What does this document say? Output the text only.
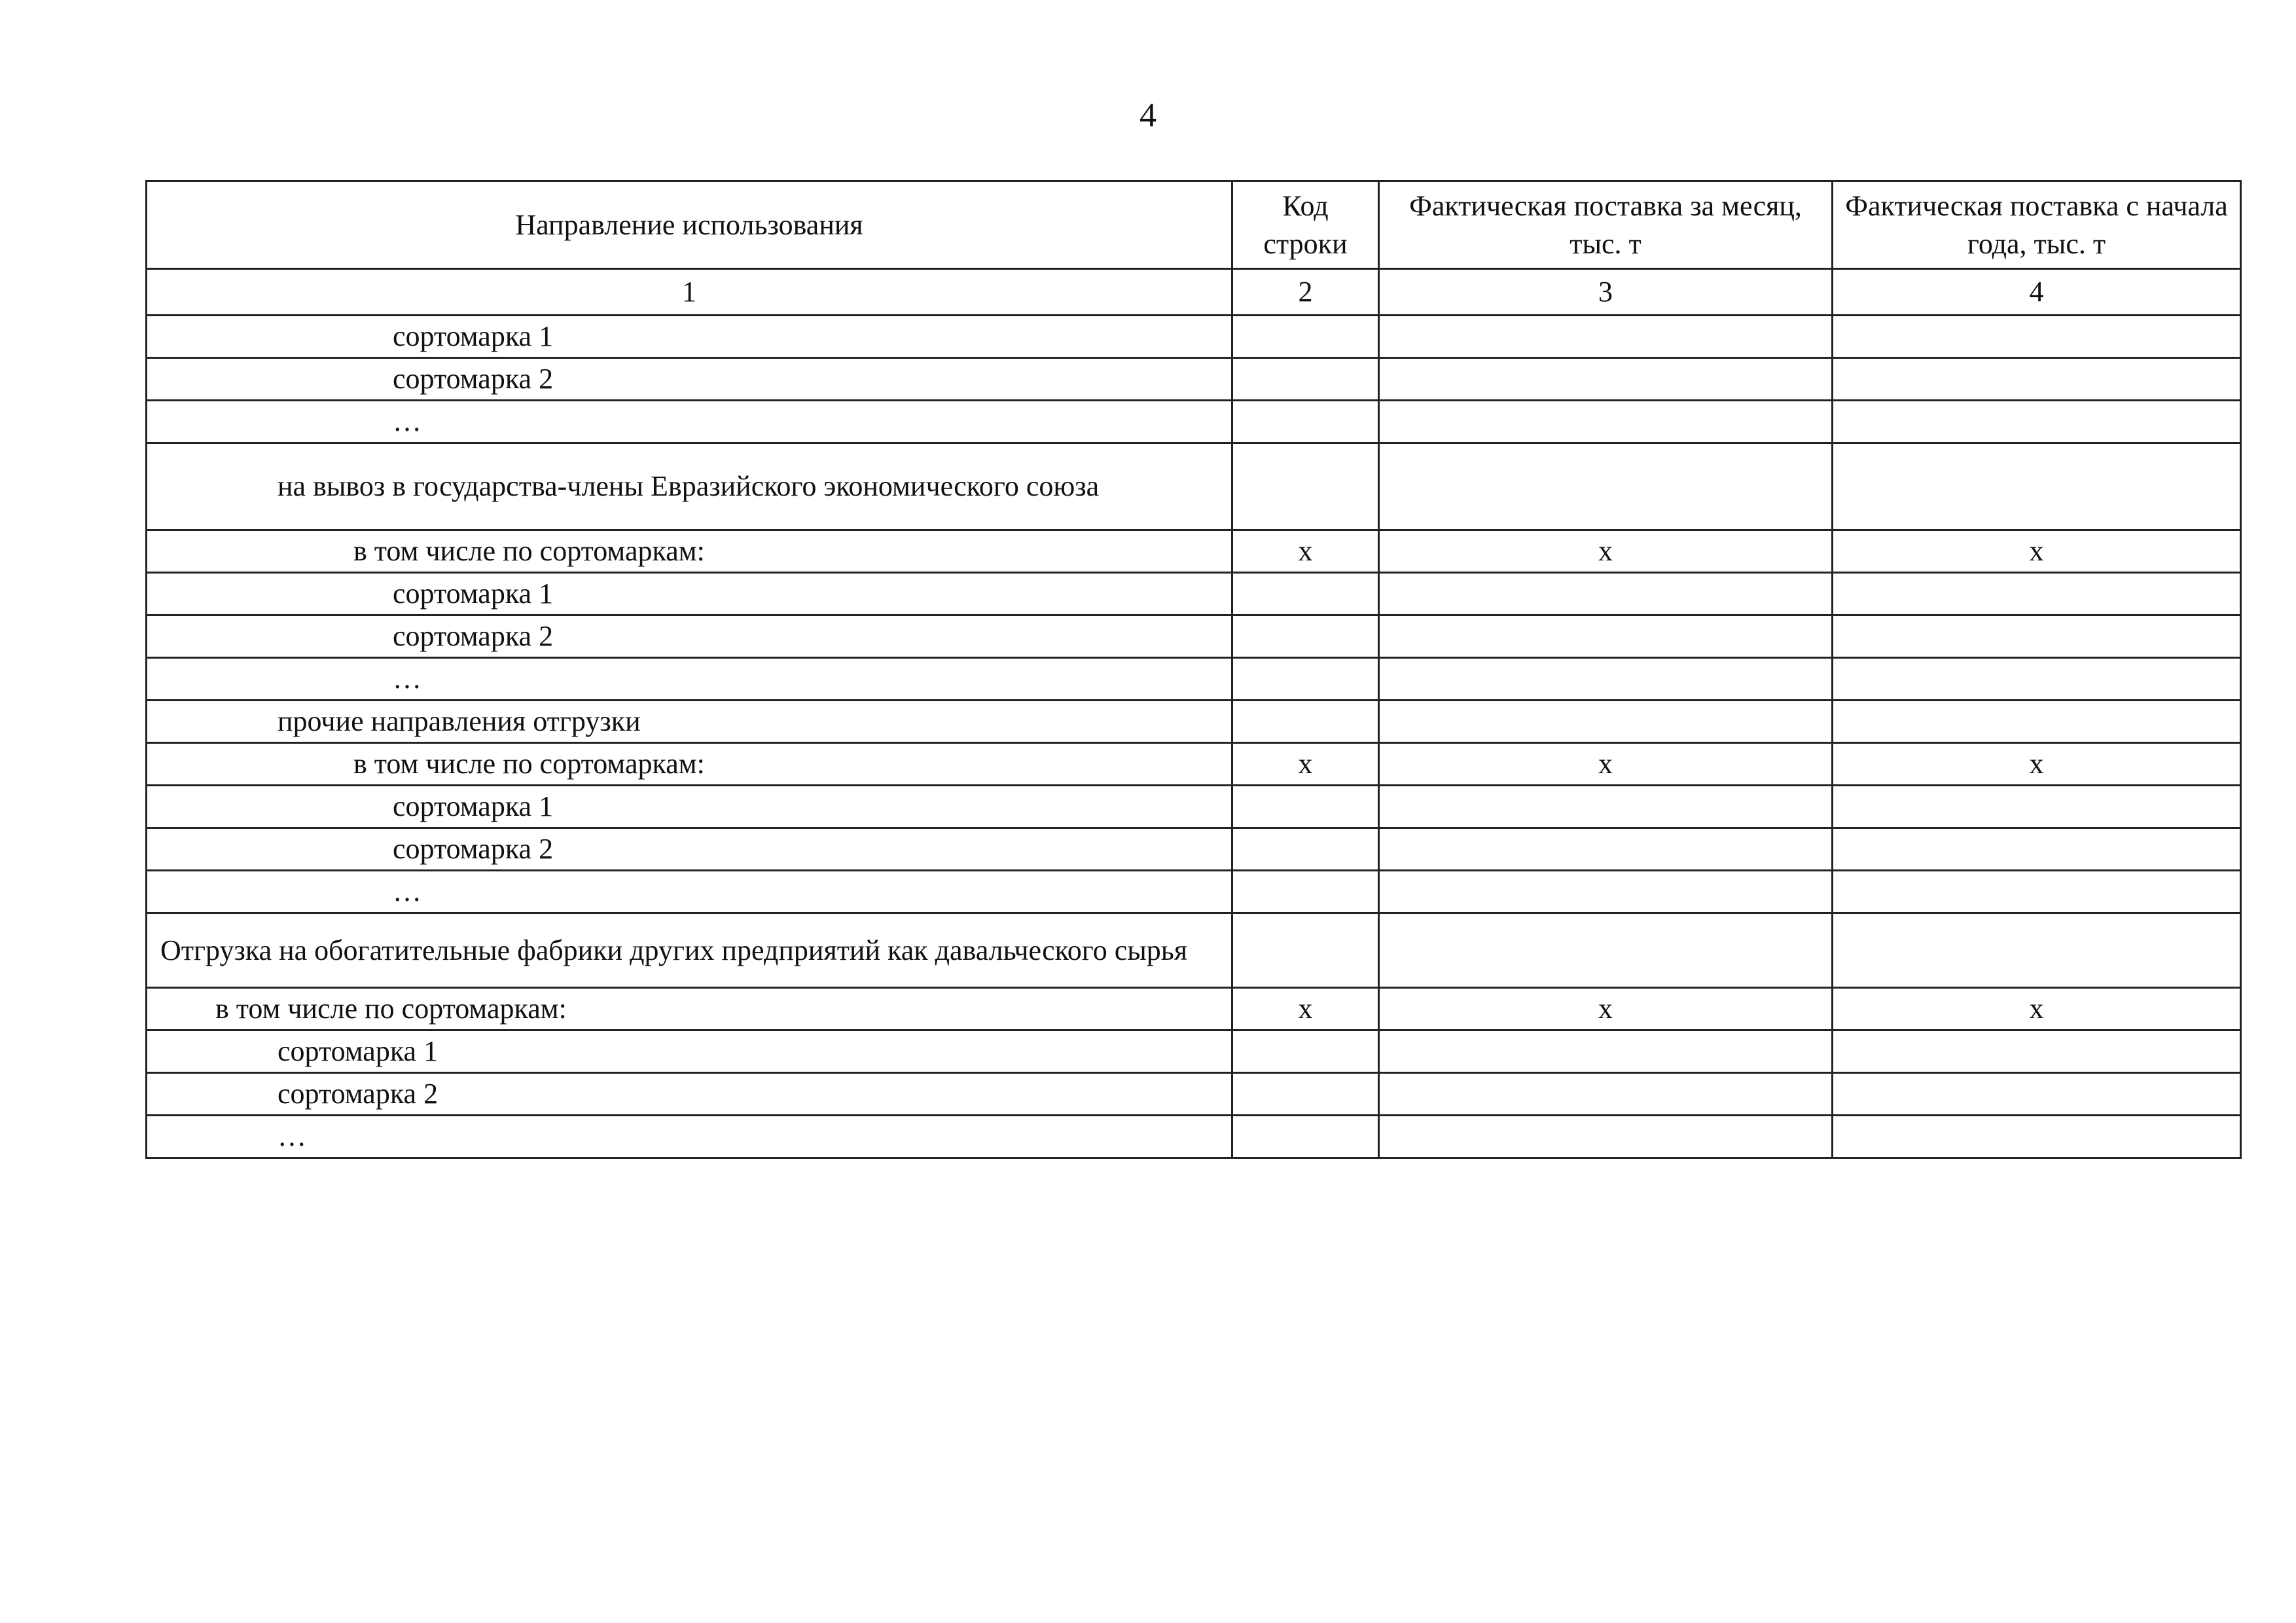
4
Направление использования	Код строки	Фактическая поставка за месяц, тыс. т	Фактическая поставка с начала года, тыс. т
1	2	3	4
сортомарка 1			
сортомарка 2			
…			
на вывоз в государства-члены Евразийского экономического союза			
в том числе по сортомаркам:	x	x	x
сортомарка 1			
сортомарка 2			
…			
прочие направления отгрузки			
в том числе по сортомаркам:	x	x	x
сортомарка 1			
сортомарка 2			
…			
Отгрузка на обогатительные фабрики других предприятий как давальческого сырья			
в том числе по сортомаркам:	x	x	x
сортомарка 1			
сортомарка 2			
…			
